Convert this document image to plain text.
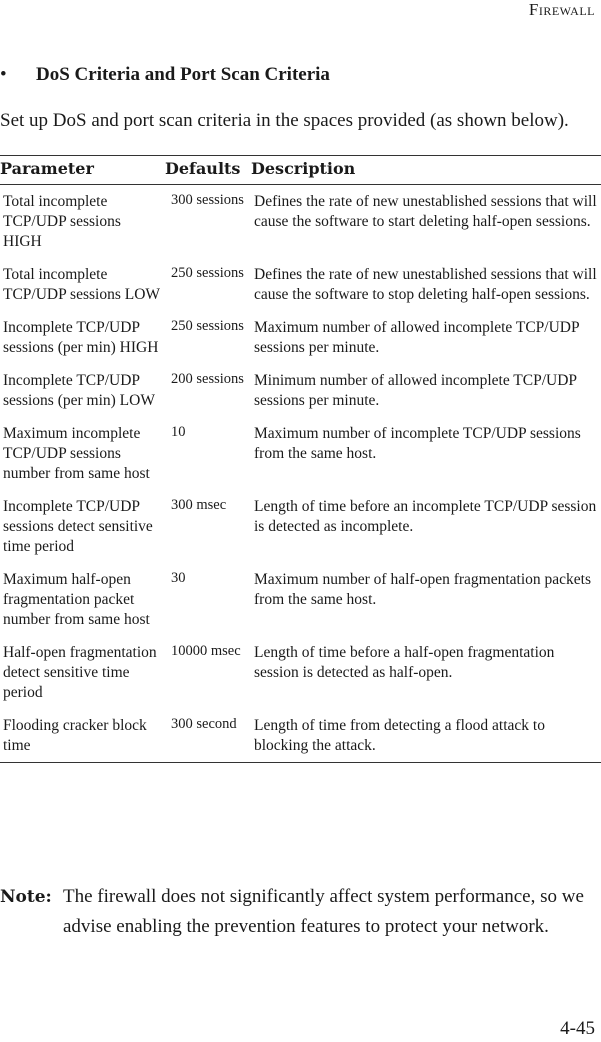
Firewall
•	DoS Criteria and Port Scan Criteria
Set up DoS and port scan criteria in the spaces provided (as shown below).
Parameter	Defaults	Description
Total incomplete TCP/UDP sessions HIGH	300 sessions	Defines the rate of new unestablished sessions that will cause the software to start deleting half-open sessions.
Total incomplete TCP/UDP sessions LOW	250 sessions	Defines the rate of new unestablished sessions that will cause the software to stop deleting half-open sessions.
Incomplete TCP/UDP sessions (per min) HIGH	250 sessions	Maximum number of allowed incomplete TCP/UDP sessions per minute.
Incomplete TCP/UDP sessions (per min) LOW	200 sessions	Minimum number of allowed incomplete TCP/UDP sessions per minute.
Maximum incomplete TCP/UDP sessions number from same host	10	Maximum number of incomplete TCP/UDP sessions from the same host.
Incomplete TCP/UDP sessions detect sensitive time period	300 msec	Length of time before an incomplete TCP/UDP session is detected as incomplete.
Maximum half-open fragmentation packet number from same host	30	Maximum number of half-open fragmentation packets from the same host.
Half-open fragmentation detect sensitive time period	10000 msec	Length of time before a half-open fragmentation session is detected as half-open.
Flooding cracker block time	300 second	Length of time from detecting a flood attack to blocking the attack.
Note: The firewall does not significantly affect system performance, so we advise enabling the prevention features to protect your network.
4-45
